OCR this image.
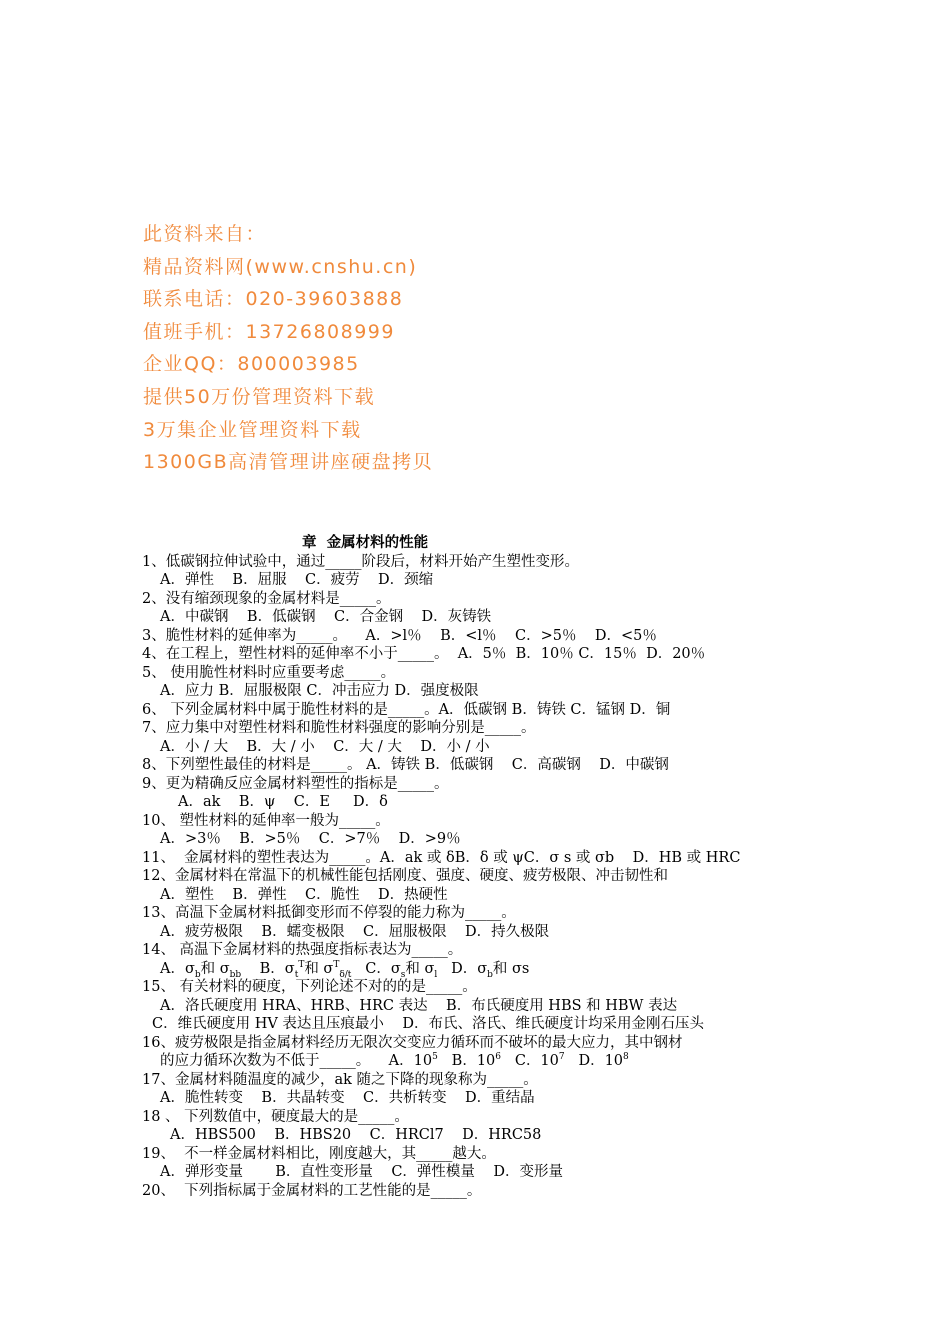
此资料来自：
精品资料网(www.cnshu.cn)
联系电话：020-39603888
值班手机：13726808999
企业QQ：800003985
提供50万份管理资料下载
3万集企业管理资料下载
1300GB高清管理讲座硬盘拷贝
章  金属材料的性能
1、低碳钢拉伸试验中，通过_____阶段后，材料开始产生塑性变形。
A．弹性    B．屈服    C．疲劳    D．颈缩
2、没有缩颈现象的金属材料是_____。
A．中碳钢    B．低碳钢    C．合金钢    D．灰铸铁
3、脆性材料的延伸率为_____。    A．>l％    B．<l％    C．>5％    D．<5％
4、在工程上，塑性材料的延伸率不小于_____。  A．5％  B．10％ C．15％  D．20％
5、 使用脆性材料时应重要考虑_____。
A．应力 B．屈服极限 C．冲击应力 D．强度极限
6、 下列金属材料中属于脆性材料的是_____。A．低碳钢 B．铸铁 C．锰钢 D．铜
7、应力集中对塑性材料和脆性材料强度的影响分别是_____。
A．小 / 大    B．大 / 小    C．大 / 大    D．小 / 小
8、下列塑性最佳的材料是_____。 A．铸铁 B．低碳钢    C．高碳钢    D．中碳钢
9、更为精确反应金属材料塑性的指标是_____。
A．ak    B．ψ    C．E     D．δ
10、 塑性材料的延伸率一般为_____。
A．>3％    B．>5％    C．>7％    D．>9％
11、  金属材料的塑性表达为_____。A．ak 或 δB．δ 或 ψC．σ s 或 σb    D．HB 或 HRC
12、金属材料在常温下的机械性能包括刚度、强度、硬度、疲劳极限、冲击韧性和
A．塑性    B．弹性    C．脆性    D．热硬性
13、高温下金属材料抵御变形而不停裂的能力称为_____。
A．疲劳极限    B．蠕变极限    C．屈服极限    D．持久极限
14、 高温下金属材料的热强度指标表达为_____。
A．$\sigma_b$和 $\sigma_{bb}$    B．$\sigma_t^T$和 $\sigma^T_{\delta/t}$   C．$\sigma_s$和 $\sigma_l$   D．$\sigma_b$和 σs
15、 有关材料的硬度，下列论述不对的的是_____。
A．洛氏硬度用 HRA、HRB、HRC 表达    B．布氏硬度用 HBS 和 HBW 表达
C．维氏硬度用 HV 表达且压痕最小    D．布氏、洛氏、维氏硬度计均采用金刚石压头
16、疲劳极限是指金属材料经历无限次交变应力循环而不破坏的最大应力，其中钢材
的应力循环次数为不低于_____。    A．$10^5$   B．$10^6$   C．$10^7$   D．$10^8$
17、金属材料随温度的减少，ak 随之下降的现象称为_____。
A．脆性转变    B．共晶转变    C．共析转变    D．重结晶
18 、 下列数值中，硬度最大的是_____。
A．HBS500    B．HBS20    C．HRCl7    D．HRC58
19、  不一样金属材料相比，刚度越大，其_____越大。
A．弹形变量       B．直性变形量    C．弹性模量    D．变形量
20、  下列指标属于金属材料的工艺性能的是_____。
